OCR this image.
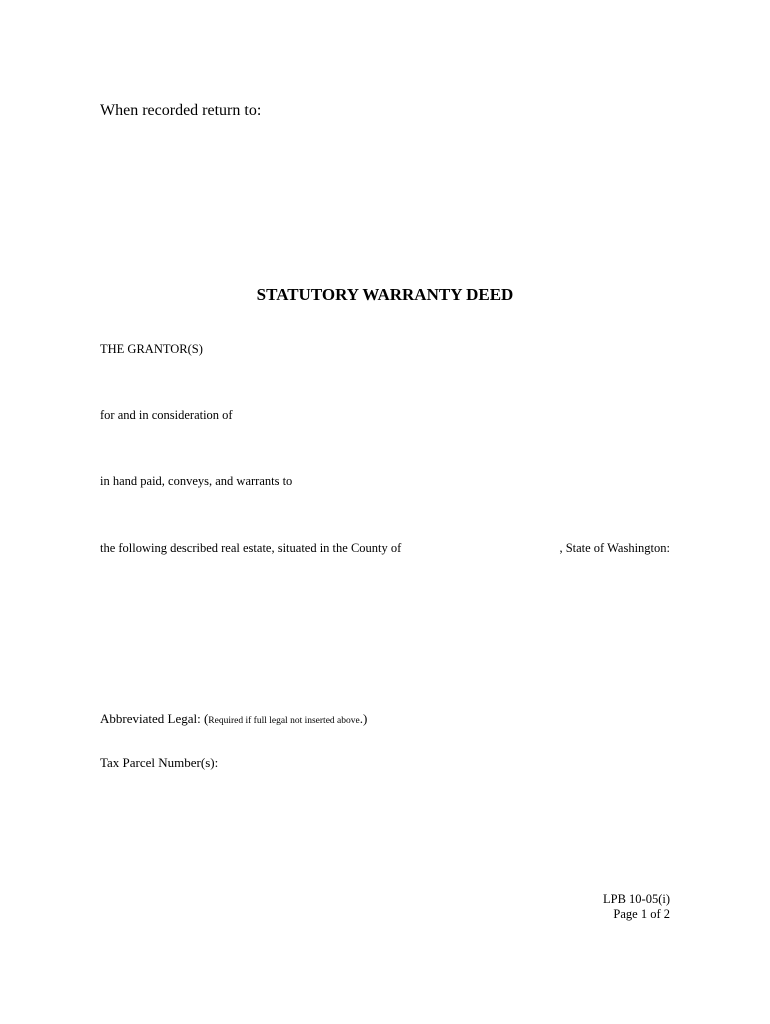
When recorded return to:
STATUTORY WARRANTY DEED
THE GRANTOR(S)
for and in consideration of
in hand paid, conveys, and warrants to
the following described real estate, situated in the County of	, State of Washington:
Abbreviated Legal: (Required if full legal not inserted above.)
Tax Parcel Number(s):
LPB 10-05(i)
Page 1 of 2
